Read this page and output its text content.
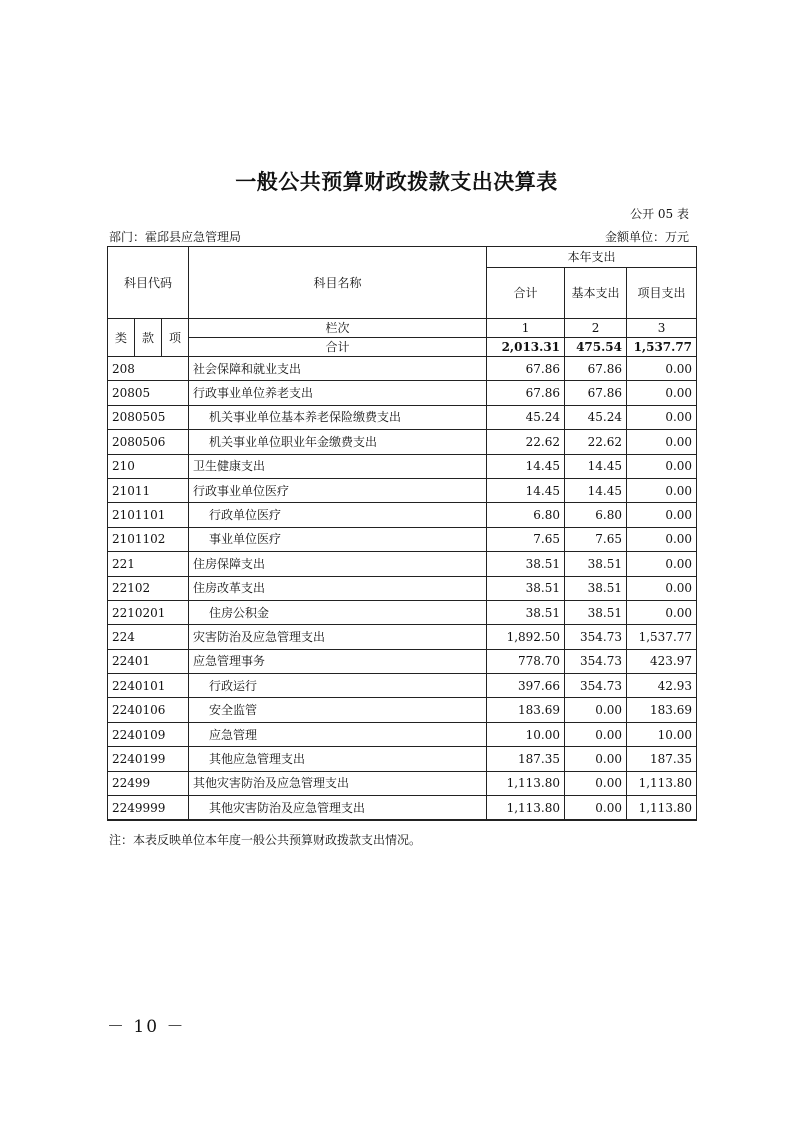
一般公共预算财政拨款支出决算表
公开 05 表
部门：霍邱县应急管理局	金额单位：万元
科目代码			科目名称	本年支出		
				合计	基本支出	项目支出
类	款	项	栏次	1	2	3
			合计	2,013.31	475.54	1,537.77
208			社会保障和就业支出	67.86	67.86	0.00
20805			行政事业单位养老支出	67.86	67.86	0.00
2080505			机关事业单位基本养老保险缴费支出	45.24	45.24	0.00
2080506			机关事业单位职业年金缴费支出	22.62	22.62	0.00
210			卫生健康支出	14.45	14.45	0.00
21011			行政事业单位医疗	14.45	14.45	0.00
2101101			行政单位医疗	6.80	6.80	0.00
2101102			事业单位医疗	7.65	7.65	0.00
221			住房保障支出	38.51	38.51	0.00
22102			住房改革支出	38.51	38.51	0.00
2210201			住房公积金	38.51	38.51	0.00
224			灾害防治及应急管理支出	1,892.50	354.73	1,537.77
22401			应急管理事务	778.70	354.73	423.97
2240101			行政运行	397.66	354.73	42.93
2240106			安全监管	183.69	0.00	183.69
2240109			应急管理	10.00	0.00	10.00
2240199			其他应急管理支出	187.35	0.00	187.35
22499			其他灾害防治及应急管理支出	1,113.80	0.00	1,113.80
2249999			其他灾害防治及应急管理支出	1,113.80	0.00	1,113.80
注：本表反映单位本年度一般公共预算财政拨款支出情况。
－ 10 －
